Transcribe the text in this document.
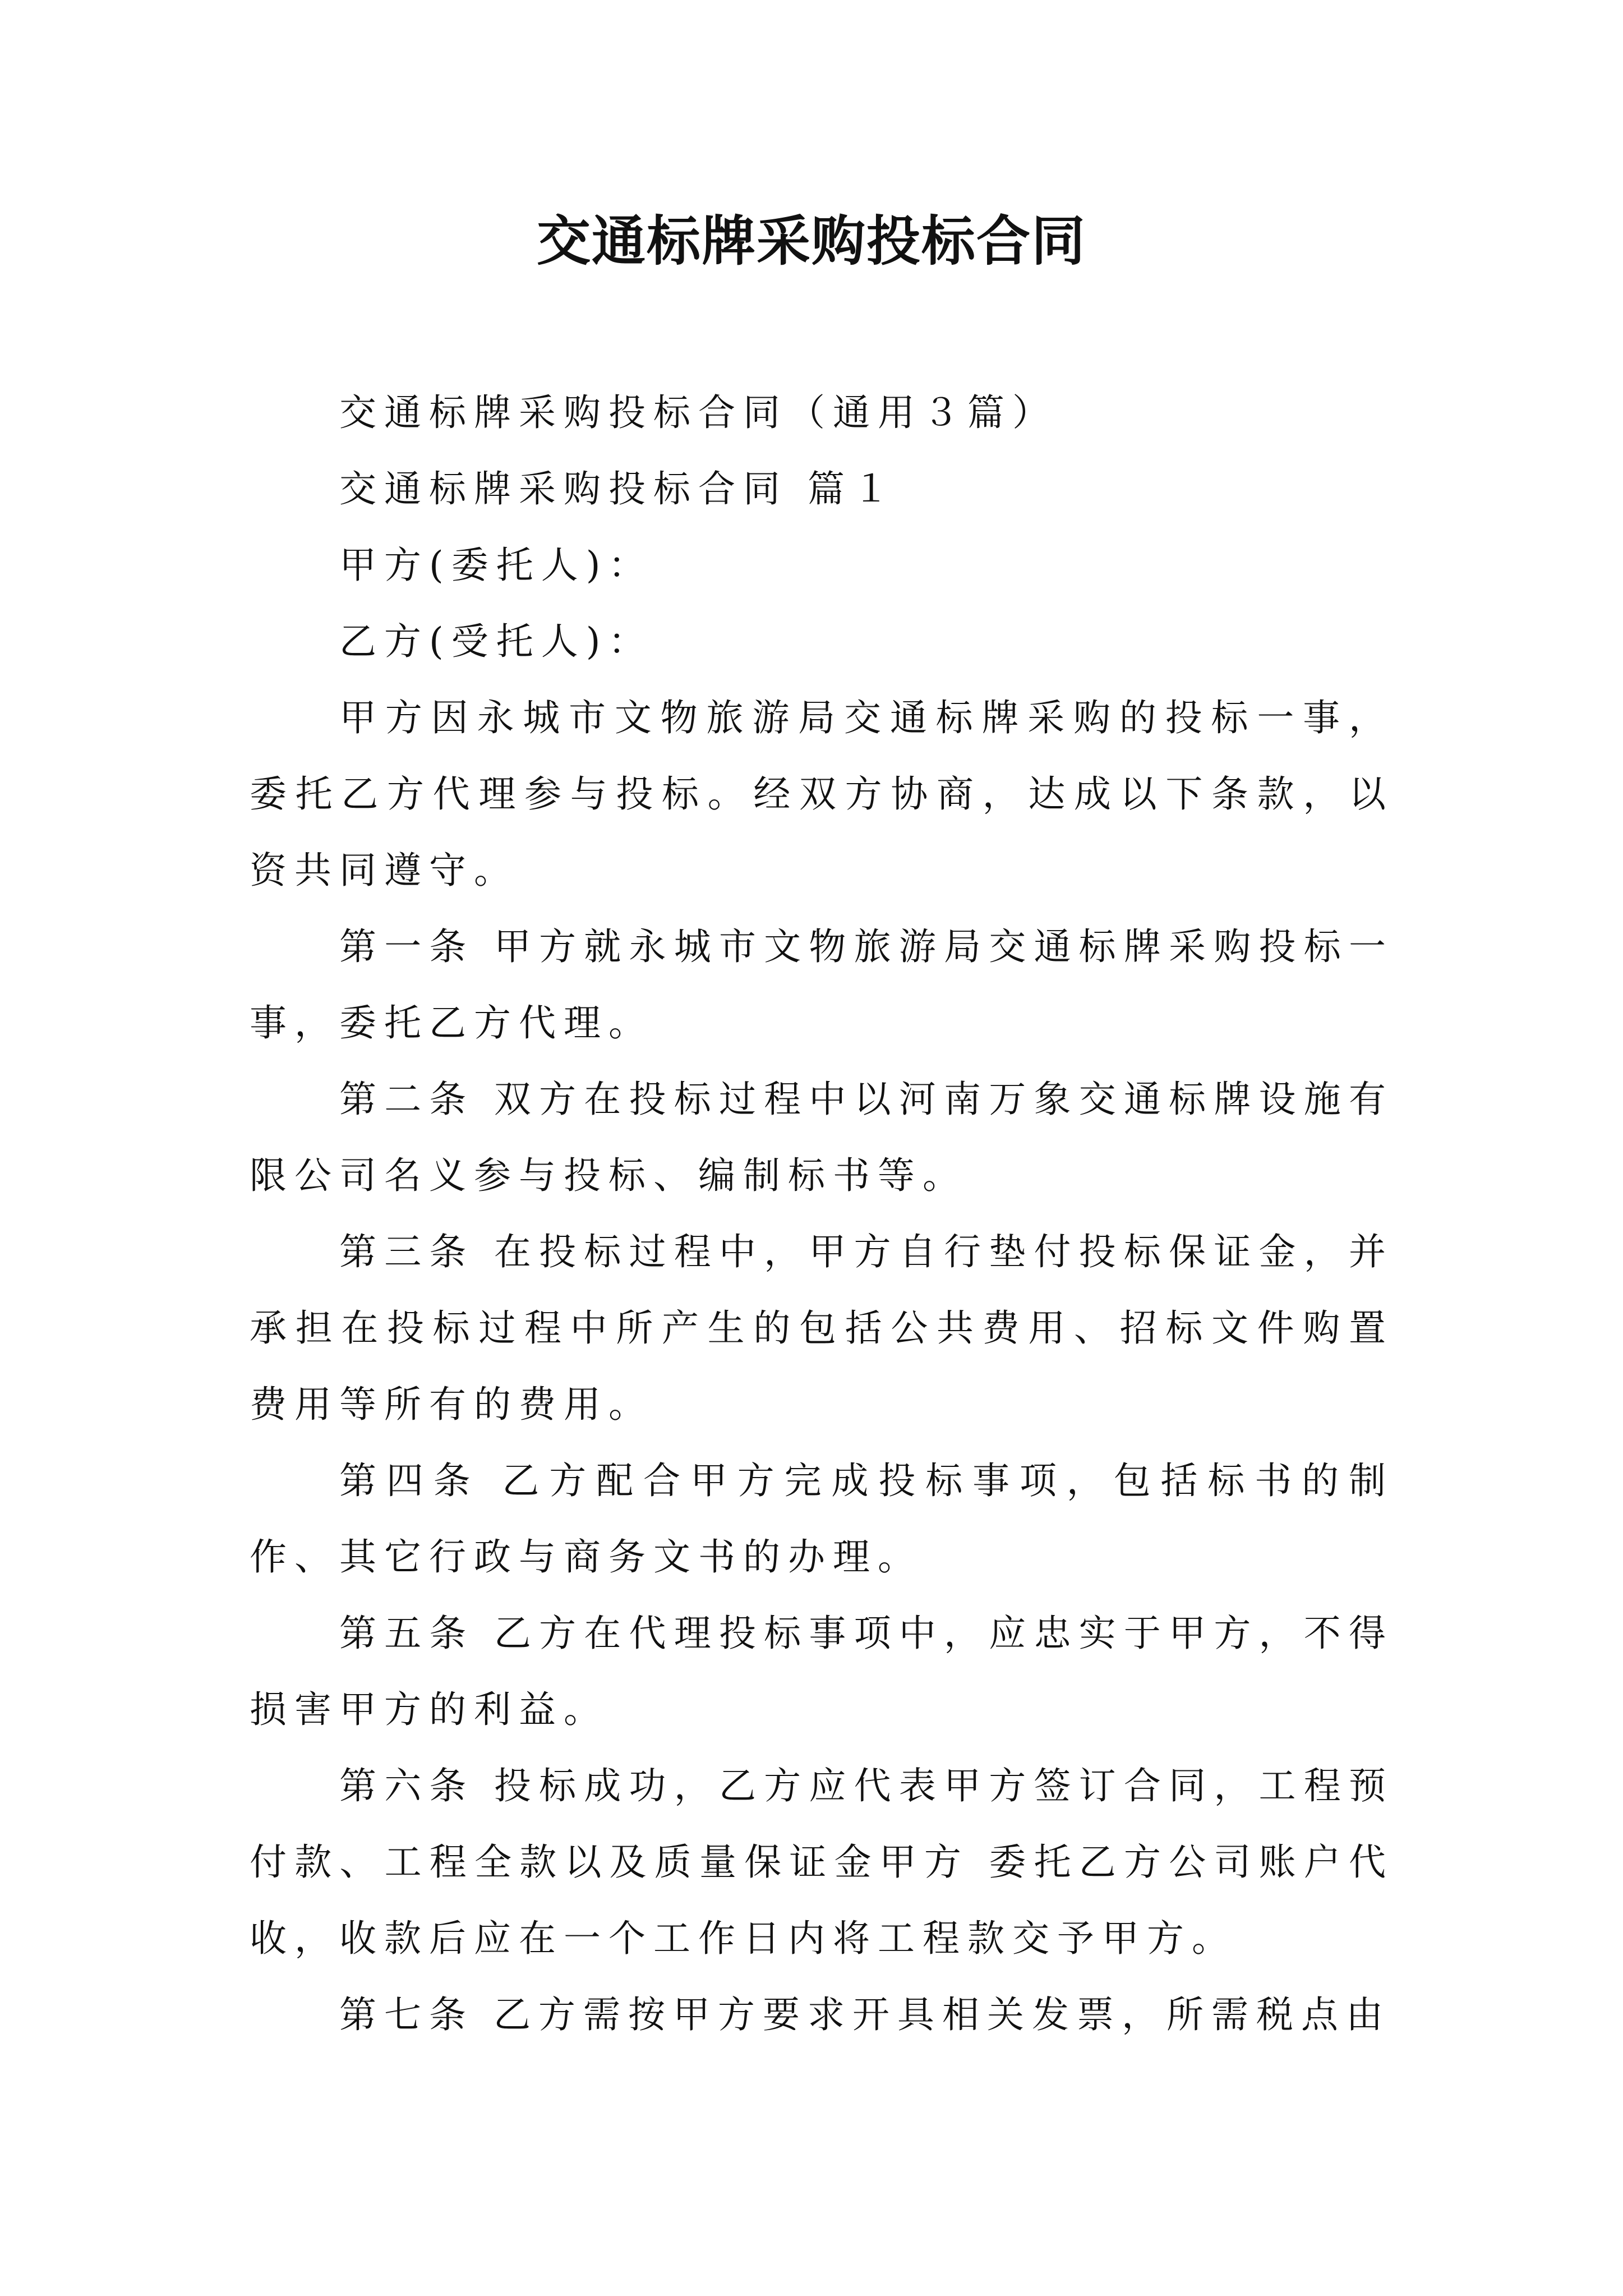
交通标牌采购投标合同

交通标牌采购投标合同（通用３篇）

交通标牌采购投标合同 篇１

甲方(委托人)：

乙方(受托人)：

甲方因永城市文物旅游局交通标牌采购的投标一事，委托乙方代理参与投标。经双方协商，达成以下条款，以资共同遵守。

第一条 甲方就永城市文物旅游局交通标牌采购投标一事，委托乙方代理。

第二条 双方在投标过程中以河南万象交通标牌设施有限公司名义参与投标、编制标书等。

第三条 在投标过程中，甲方自行垫付投标保证金，并承担在投标过程中所产生的包括公共费用、招标文件购置费用等所有的费用。

第四条 乙方配合甲方完成投标事项，包括标书的制作、其它行政与商务文书的办理。

第五条 乙方在代理投标事项中，应忠实于甲方，不得损害甲方的利益。

第六条 投标成功，乙方应代表甲方签订合同，工程预付款、工程全款以及质量保证金甲方 委托乙方公司账户代收，收款后应在一个工作日内将工程款交予甲方。

第七条 乙方需按甲方要求开具相关发票，所需税点由
